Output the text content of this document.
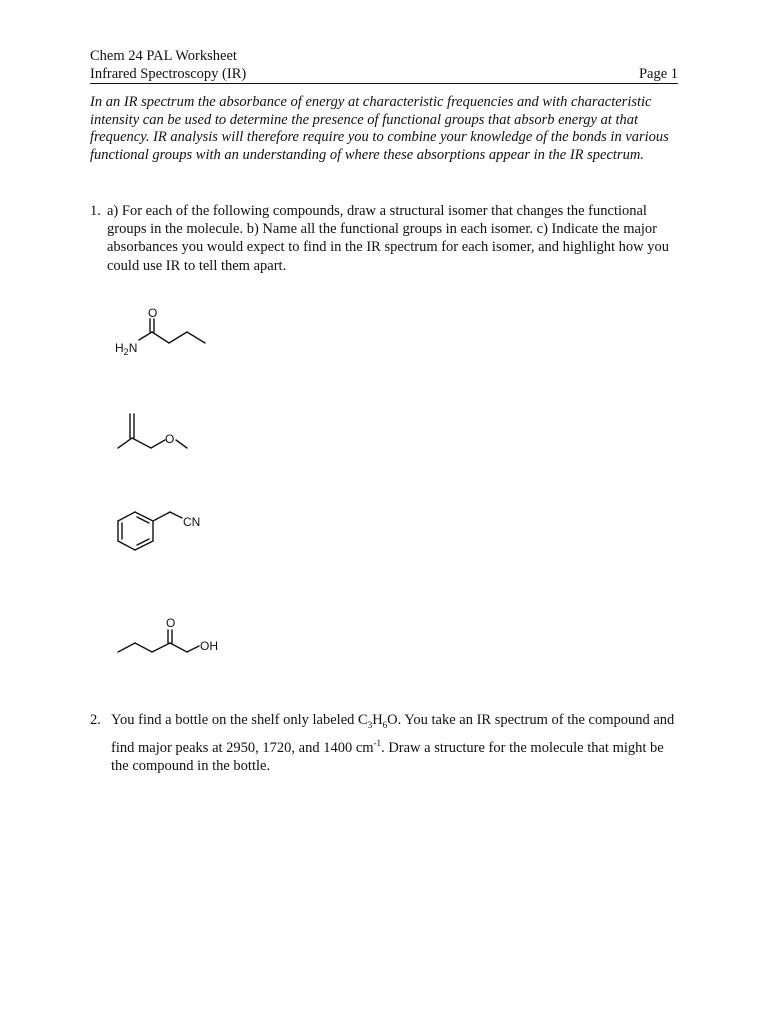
Chem 24 PAL Worksheet
Infrared Spectroscopy (IR)	Page 1
In an IR spectrum the absorbance of energy at characteristic frequencies and with characteristic intensity can be used to determine the presence of functional groups that absorb energy at that frequency. IR analysis will therefore require you to combine your knowledge of the bonds in various functional groups with an understanding of where these absorptions appear in the IR spectrum.
1. a) For each of the following compounds, draw a structural isomer that changes the functional groups in the molecule. b) Name all the functional groups in each isomer. c) Indicate the major absorbances you would expect to find in the IR spectrum for each isomer, and highlight how you could use IR to tell them apart.
O
$H_2N$
O
CN
O
OH
2. You find a bottle on the shelf only labeled $C_3H_6O$. You take an IR spectrum of the compound and find major peaks at 2950, 1720, and 1400 $cm^{-1}$. Draw a structure for the molecule that might be the compound in the bottle.
